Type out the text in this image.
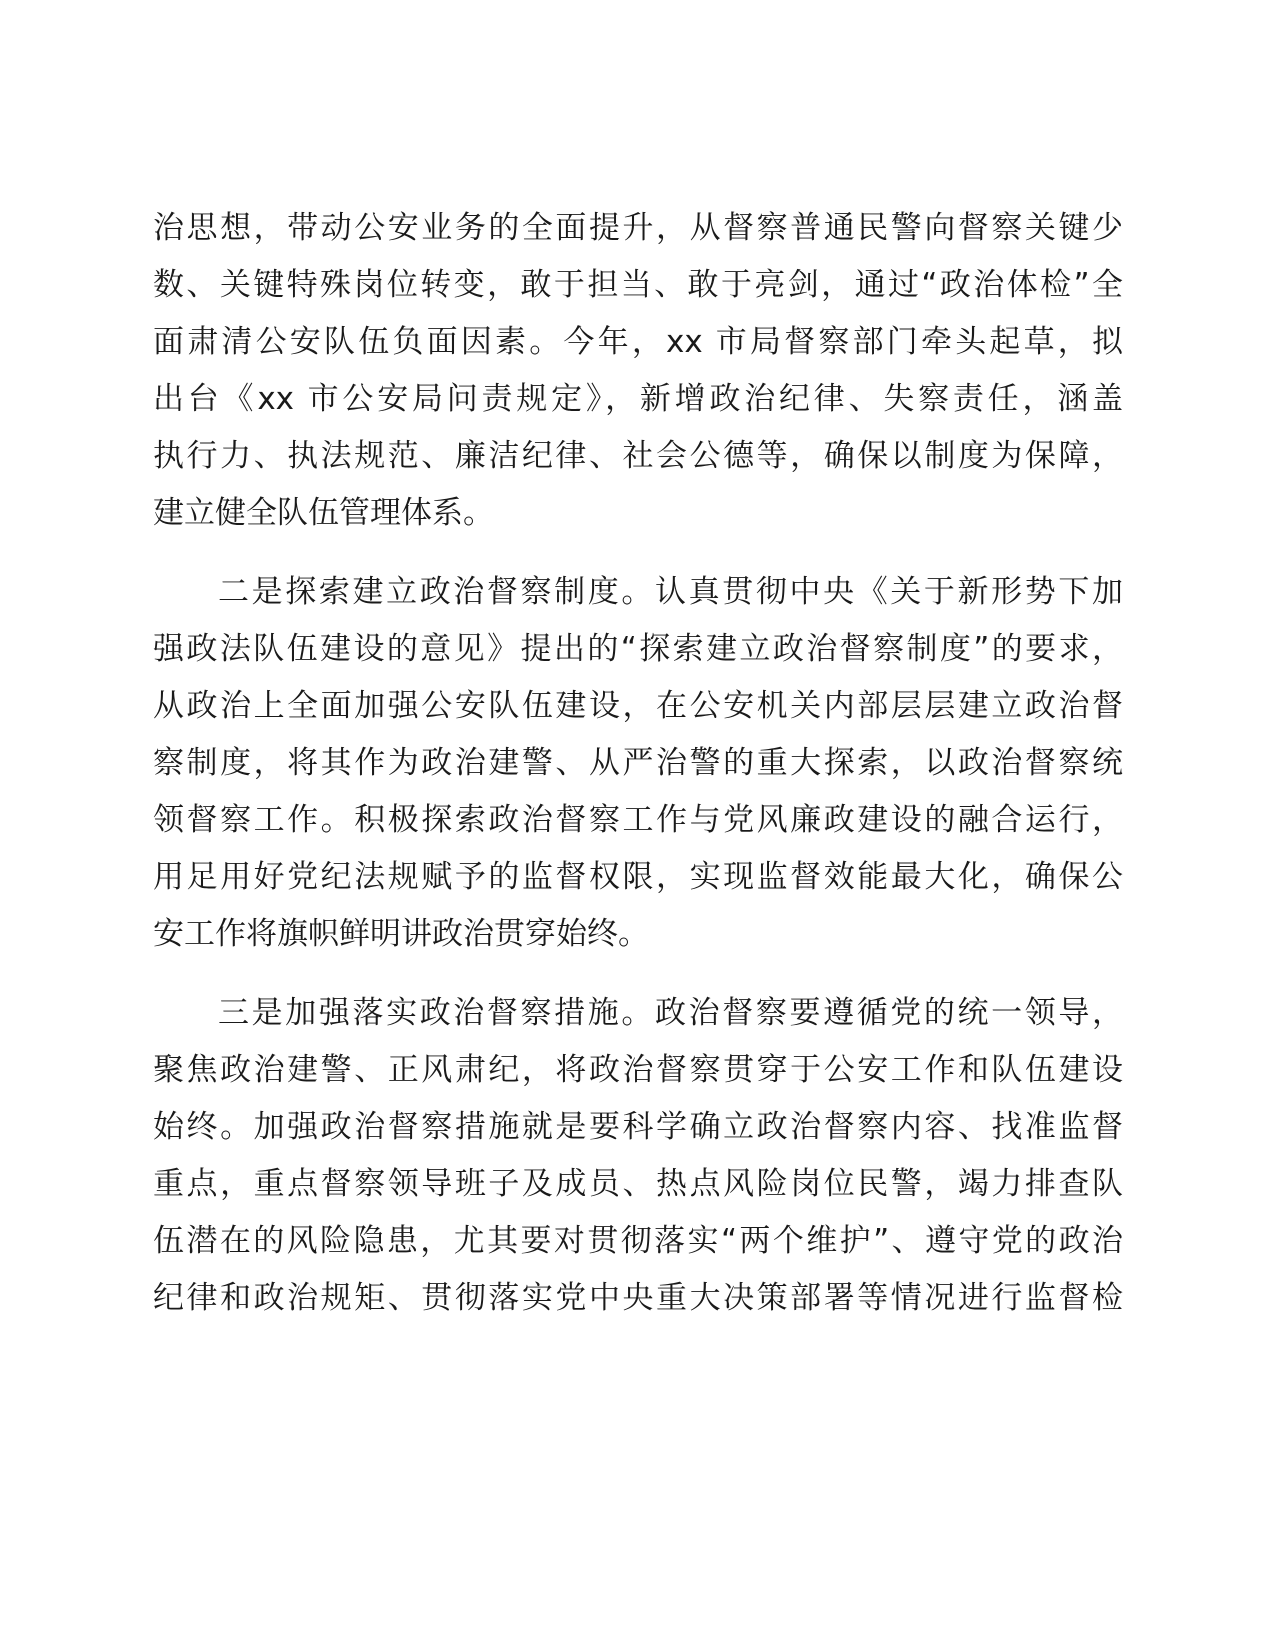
治思想，带动公安业务的全面提升，从督察普通民警向督察关键少
数、关键特殊岗位转变，敢于担当、敢于亮剑，通过“政治体检”全
面肃清公安队伍负面因素。今年，xx 市局督察部门牵头起草，拟
出台《xx 市公安局问责规定》，新增政治纪律、失察责任，涵盖
执行力、执法规范、廉洁纪律、社会公德等，确保以制度为保障，
建立健全队伍管理体系。
二是探索建立政治督察制度。认真贯彻中央《关于新形势下加
强政法队伍建设的意见》提出的“探索建立政治督察制度”的要求，
从政治上全面加强公安队伍建设，在公安机关内部层层建立政治督
察制度，将其作为政治建警、从严治警的重大探索，以政治督察统
领督察工作。积极探索政治督察工作与党风廉政建设的融合运行，
用足用好党纪法规赋予的监督权限，实现监督效能最大化，确保公
安工作将旗帜鲜明讲政治贯穿始终。
三是加强落实政治督察措施。政治督察要遵循党的统一领导，
聚焦政治建警、正风肃纪，将政治督察贯穿于公安工作和队伍建设
始终。加强政治督察措施就是要科学确立政治督察内容、找准监督
重点，重点督察领导班子及成员、热点风险岗位民警，竭力排查队
伍潜在的风险隐患，尤其要对贯彻落实“两个维护”、遵守党的政治
纪律和政治规矩、贯彻落实党中央重大决策部署等情况进行监督检
